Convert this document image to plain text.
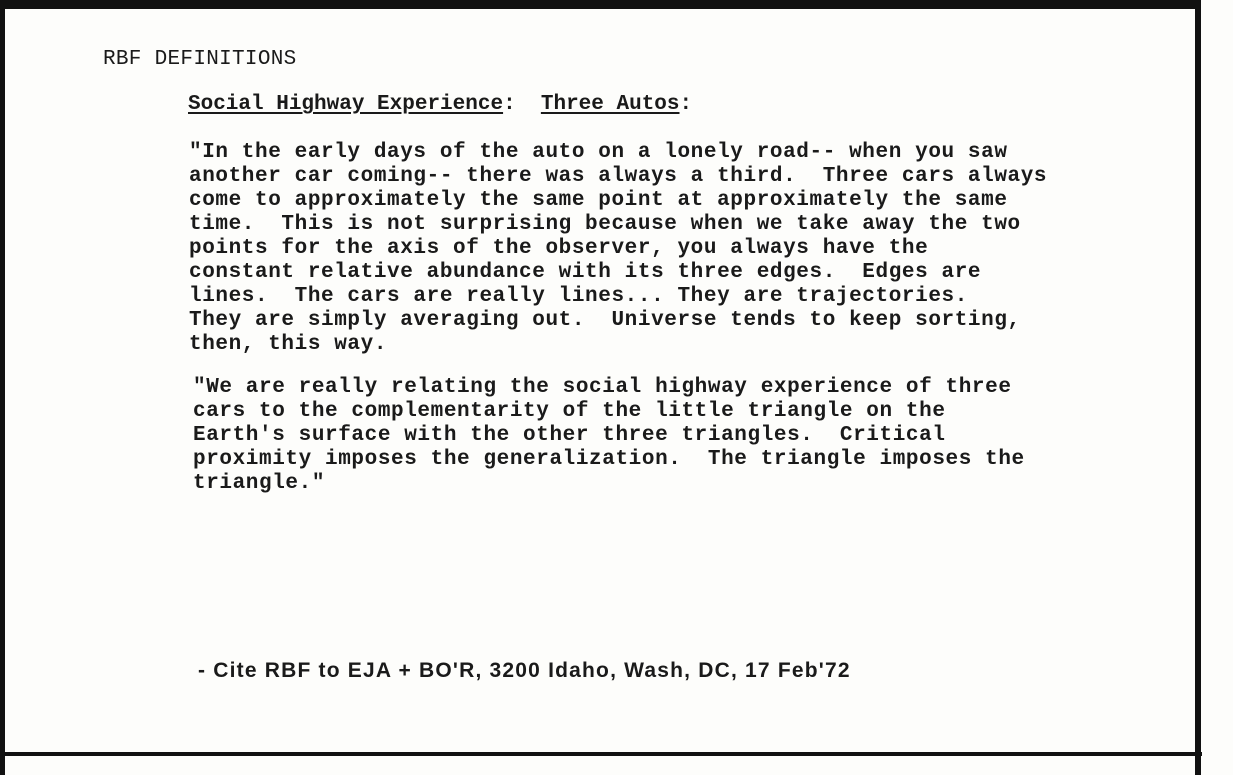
RBF DEFINITIONS
Social Highway Experience:  Three Autos:
"In the early days of the auto on a lonely road-- when you saw
another car coming-- there was always a third.  Three cars always
come to approximately the same point at approximately the same
time.  This is not surprising because when we take away the two
points for the axis of the observer, you always have the
constant relative abundance with its three edges.  Edges are
lines.  The cars are really lines... They are trajectories.
They are simply averaging out.  Universe tends to keep sorting,
then, this way.
"We are really relating the social highway experience of three
cars to the complementarity of the little triangle on the
Earth's surface with the other three triangles.  Critical
proximity imposes the generalization.  The triangle imposes the
triangle."
- Cite RBF to EJA + BO'R, 3200 Idaho, Wash, DC, 17 Feb'72
